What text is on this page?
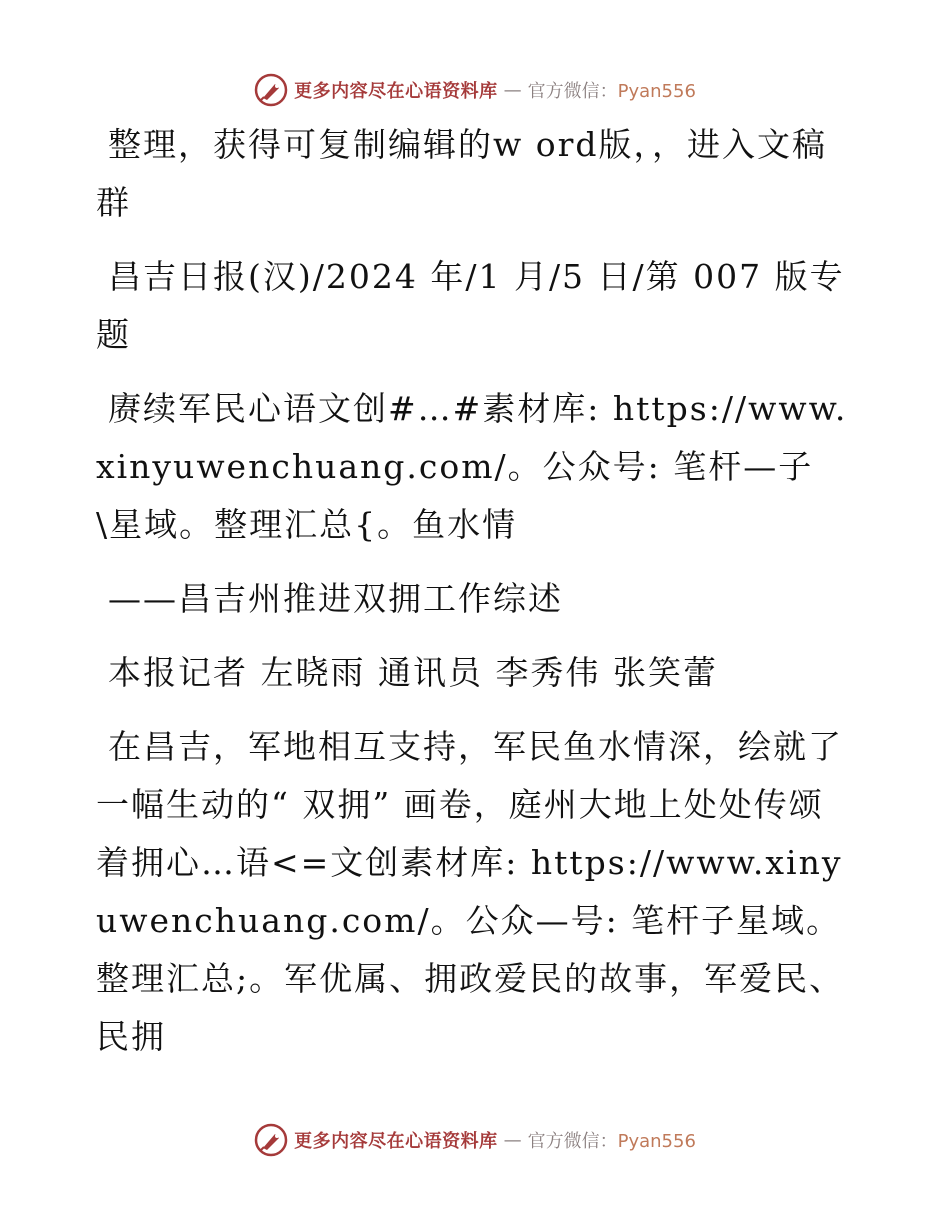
更多内容尽在心语资料库 — 官方微信：Pyan556

整理，获得可复制编辑的w ord版，，进入文稿群

昌吉日报(汉)/2024 年/1 月/5 日/第 007 版专题

赓续军民心语文创#…#素材库: https://www.xinyuwenchuang.com/。公众号: 笔杆—子\星域。整理汇总{。鱼水情

——昌吉州推进双拥工作综述

本报记者 左晓雨 通讯员 李秀伟 张笑蕾

在昌吉，军地相互支持，军民鱼水情深，绘就了一幅生动的“ 双拥” 画卷，庭州大地上处处传颂着拥心…语<=文创素材库: https://www.xinyuwenchuang.com/。公众—号: 笔杆子星域。整理汇总;。军优属、拥政爱民的故事，军爱民、民拥

更多内容尽在心语资料库 — 官方微信：Pyan556
